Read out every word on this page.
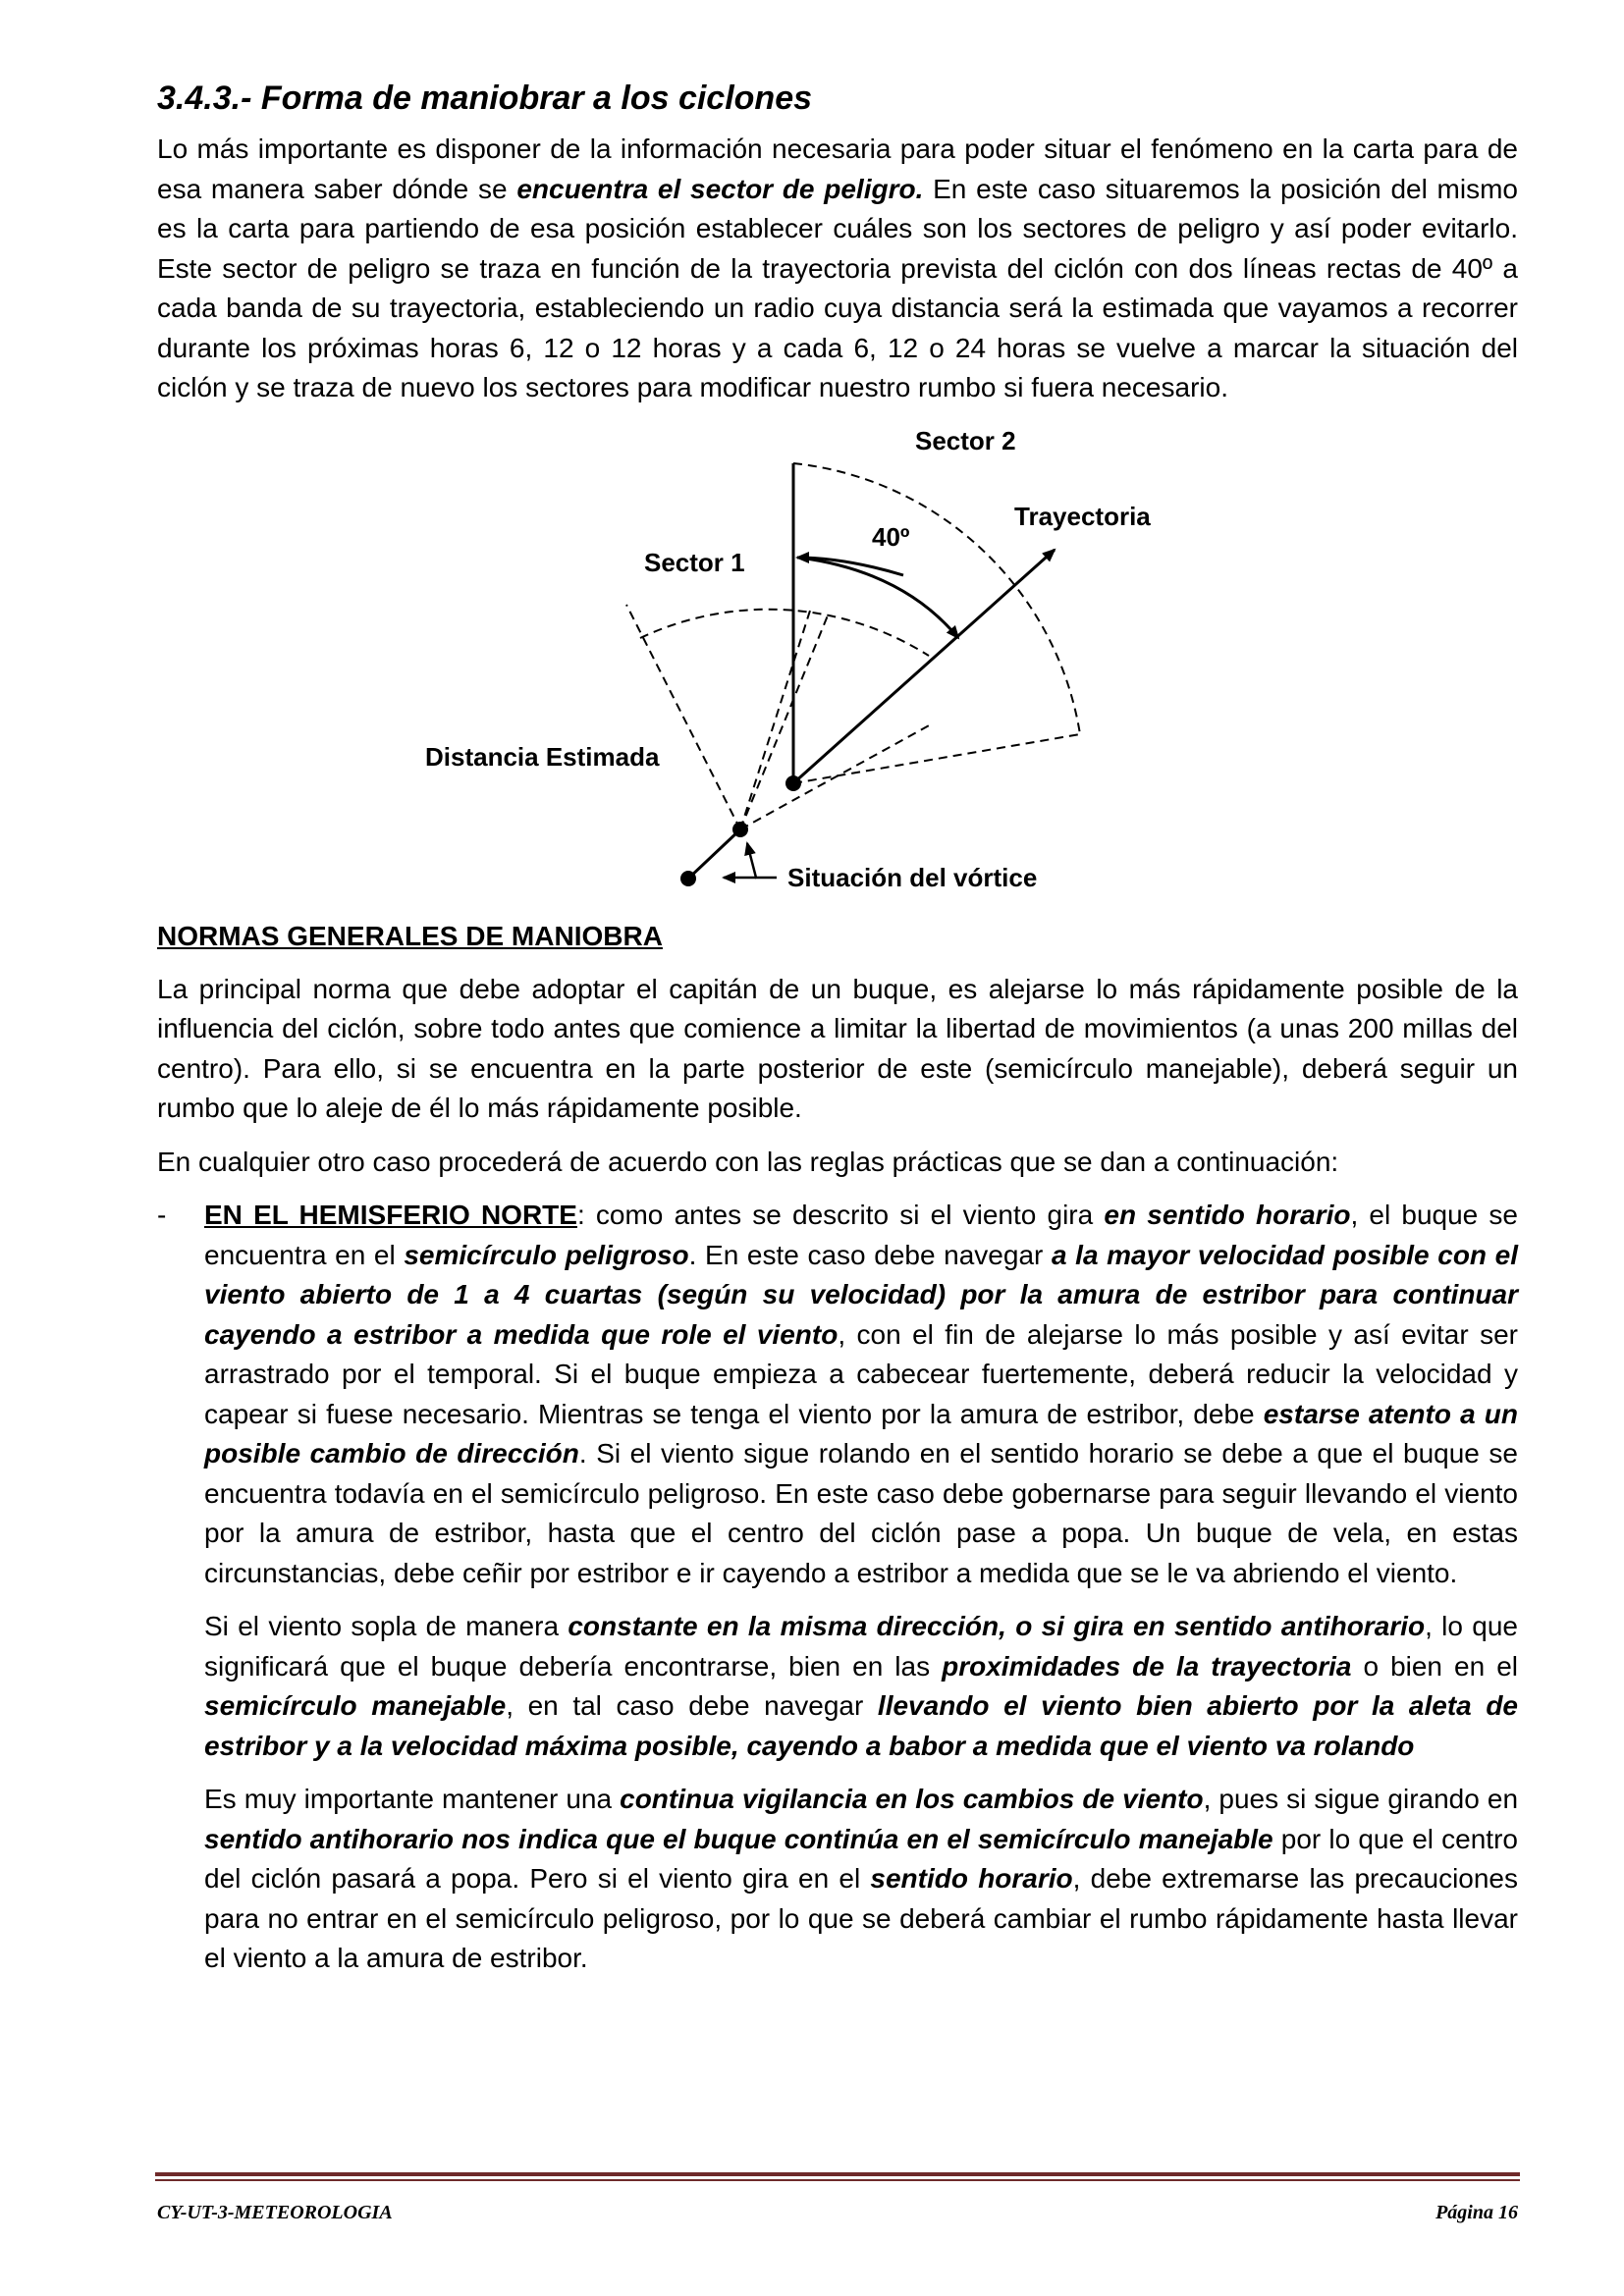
3.4.3.- Forma de maniobrar a los ciclones

Lo más importante es disponer de la información necesaria para poder situar el fenómeno en la carta para de esa manera saber dónde se encuentra el sector de peligro. En este caso situaremos la posición del mismo es la carta para partiendo de esa posición establecer cuáles son los sectores de peligro y así poder evitarlo. Este sector de peligro se traza en función de la trayectoria prevista del ciclón con dos líneas rectas de 40º a cada banda de su trayectoria, estableciendo un radio cuya distancia será la estimada que vayamos a recorrer durante los próximas horas 6, 12 o 12 horas y a cada 6, 12 o 24 horas se vuelve a marcar la situación del ciclón y se traza de nuevo los sectores para modificar nuestro rumbo si fuera necesario.

Sector 2
Trayectoria
40º
Sector 1
Distancia Estimada
Situación del vórtice
NORMAS GENERALES DE MANIOBRA

La principal norma que debe adoptar el capitán de un buque, es alejarse lo más rápidamente posible de la influencia del ciclón, sobre todo antes que comience a limitar la libertad de movimientos (a unas 200 millas del centro). Para ello, si se encuentra en la parte posterior de este (semicírculo manejable), deberá seguir un rumbo que lo aleje de él lo más rápidamente posible.

En cualquier otro caso procederá de acuerdo con las reglas prácticas que se dan a continuación:

- EN EL HEMISFERIO NORTE: como antes se descrito si el viento gira en sentido horario, el buque se encuentra en el semicírculo peligroso. En este caso debe navegar a la mayor velocidad posible con el viento abierto de 1 a 4 cuartas (según su velocidad) por la amura de estribor para continuar cayendo a estribor a medida que role el viento, con el fin de alejarse lo más posible y así evitar ser arrastrado por el temporal. Si el buque empieza a cabecear fuertemente, deberá reducir la velocidad y capear si fuese necesario. Mientras se tenga el viento por la amura de estribor, debe estarse atento a un posible cambio de dirección. Si el viento sigue rolando en el sentido horario se debe a que el buque se encuentra todavía en el semicírculo peligroso. En este caso debe gobernarse para seguir llevando el viento por la amura de estribor, hasta que el centro del ciclón pase a popa. Un buque de vela, en estas circunstancias, debe ceñir por estribor e ir cayendo a estribor a medida que se le va abriendo el viento.

Si el viento sopla de manera constante en la misma dirección, o si gira en sentido antihorario, lo que significará que el buque debería encontrarse, bien en las proximidades de la trayectoria o bien en el semicírculo manejable, en tal caso debe navegar llevando el viento bien abierto por la aleta de estribor y a la velocidad máxima posible, cayendo a babor a medida que el viento va rolando

Es muy importante mantener una continua vigilancia en los cambios de viento, pues si sigue girando en sentido antihorario nos indica que el buque continúa en el semicírculo manejable por lo que el centro del ciclón pasará a popa. Pero si el viento gira en el sentido horario, debe extremarse las precauciones para no entrar en el semicírculo peligroso, por lo que se deberá cambiar el rumbo rápidamente hasta llevar el viento a la amura de estribor.

CY-UT-3-METEOROLOGIA	Página 16
